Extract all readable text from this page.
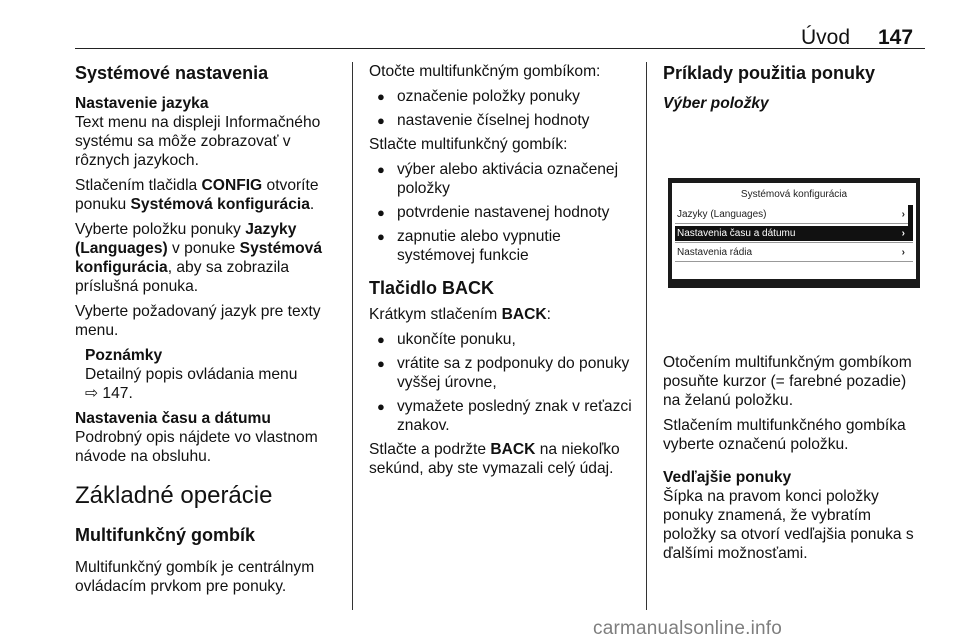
Úvod 147
Systémové nastavenia
Nastavenie jazyka

Text menu na displeji Informačného systému sa môže zobrazovať v rôznych jazykoch.

Stlačením tlačidla CONFIG otvoríte ponuku Systémová konfigurácia.

Vyberte položku ponuky Jazyky (Languages) v ponuke Systémová konfigurácia, aby sa zobrazila príslušná ponuka.

Vyberte požadovaný jazyk pre texty menu.

Poznámky

Detailný popis ovládania menu
⇨ 147.

Nastavenia času a dátumu

Podrobný opis nájdete vo vlastnom návode na obsluhu.

Základné operácie
Multifunkčný gombík

Multifunkčný gombík je centrálnym ovládacím prvkom pre ponuky.

Otočte multifunkčným gombíkom:

● označenie položky ponuky
● nastavenie číselnej hodnoty

Stlačte multifunkčný gombík:

● výber alebo aktivácia označenej položky
● potvrdenie nastavenej hodnoty
● zapnutie alebo vypnutie systémovej funkcie
Tlačidlo BACK

Krátkym stlačením BACK:

● ukončíte ponuku,
● vrátite sa z podponuky do ponuky vyššej úrovne,
● vymažete posledný znak v reťazci znakov.

Stlačte a podržte BACK na niekoľko sekúnd, aby ste vymazali celý údaj.

Príklady použitia ponuky
Výber položky
Systémová konfigurácia
Jazyky (Languages)	›
Nastavenia času a dátumu	›
Nastavenia rádia	›

Otočením multifunkčným gombíkom posuňte kurzor (= farebné pozadie) na želanú položku.

Stlačením multifunkčného gombíka vyberte označenú položku.

Vedľajšie ponuky

Šípka na pravom konci položky ponuky znamená, že vybratím položky sa otvorí vedľajšia ponuka s ďalšími možnosťami.

carmanualsonline.info
